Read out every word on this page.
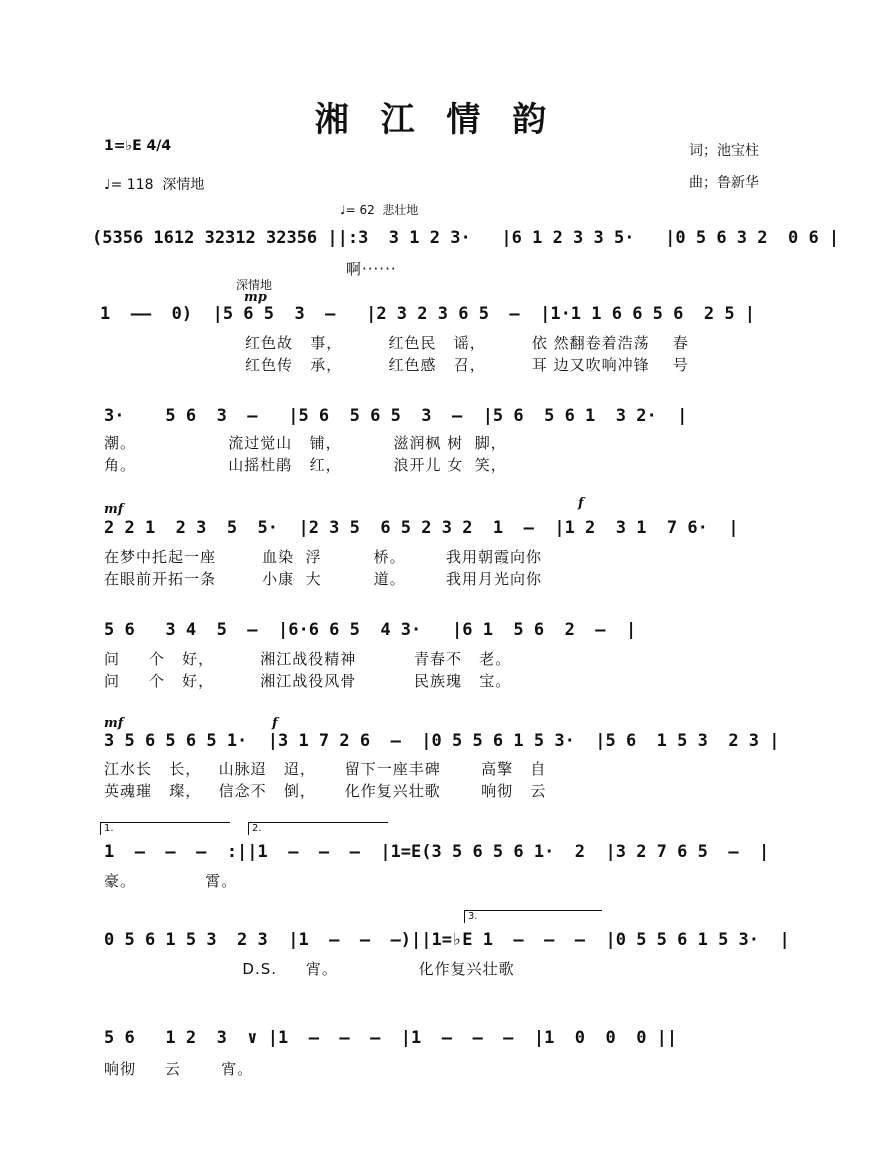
湘 江 情 韵
1=♭E 4/4
♩= 118  深情地
词；池宝柱
曲；鲁新华
♩= 62  悲壮地
(5356 1612 32312 32356 ||:3  3 1 2 3·   |6 1 2 3 3 5·   |0 5 6 3 2  0 6 |
啊······
深情地
mp
1  ——  0)  |5 6 5  3  —   |2 3 2 3 6 5  —  |1·1 1 6 6 5 6  2 5 |
红色故   事，        红色民   谣，        依 然翻卷着浩荡    春
红色传   承，        红色感   召，        耳 边又吹响冲锋    号
3·    5 6  3  —   |5 6  5 6 5  3  —  |5 6  5 6 1  3 2·  |
潮。                流过觉山   铺，         滋润枫 树  脚，
角。                山摇杜鹃   红，         浪开儿 女  笑，
mf	f
2 2 1  2 3  5  5·  |2 3 5  6 5 2 3 2  1  —  |1 2  3 1  7 6·  |
在梦中托起一座        血染  浮         桥。       我用朝霞向你
在眼前开拓一条        小康  大         道。       我用月光向你
5 6   3 4  5  —  |6·6 6 5  4 3·   |6 1  5 6  2  —  |
问     个   好，        湘江战役精神          青春不   老。
问     个   好，        湘江战役风骨          民族瑰   宝。
mf	f
3 5 6 5 6 5 1·  |3 1 7 2 6  —  |0 5 5 6 1 5 3·  |5 6  1 5 3  2 3 |
江水长   长，   山脉迢   迢，     留下一座丰碑       高擎   自
英魂璀   璨，   信念不   倒，     化作复兴壮歌       响彻   云
1.	2.
1  —  —  —  :||1  —  —  —  |1=E(3 5 6 5 6 1·  2  |3 2 7 6 5  —  |
豪。            霄。
3.
0 5 6 1 5 3  2 3  |1  —  —  —)||1=♭E 1  —  —  —  |0 5 5 6 1 5 3·  |
D.S.     宵。              化作复兴壮歌
5 6   1 2  3  ∨ |1  —  —  —  |1  —  —  —  |1  0  0  0 ||
响彻     云       宵。
